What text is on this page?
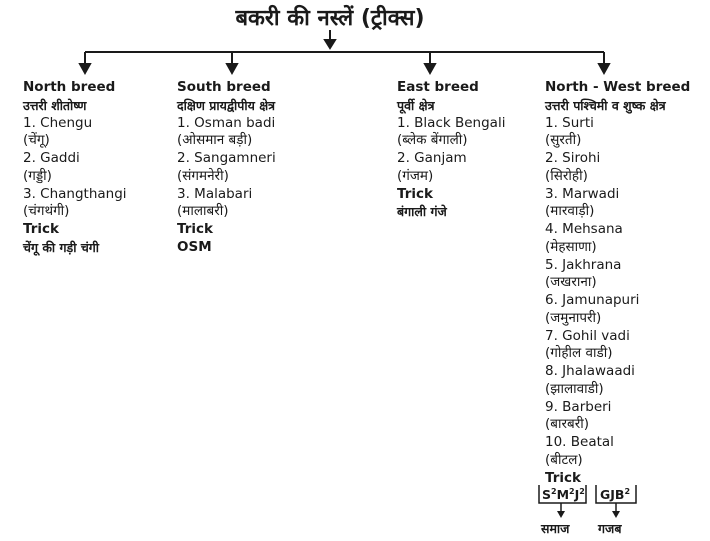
बकरी की नस्लें (ट्रीक्स)
North breed
उत्तरी शीतोष्ण
1. Chengu
(चेंगू)
2. Gaddi
(गड्डी)
3. Changthangi
(चंगथंगी)
Trick
चेंगू की गड़ी चंगी
South breed
दक्षिण प्रायद्वीपीय क्षेत्र
1. Osman badi
(ओसमान बड़ी)
2. Sangamneri
(संगमनेरी)
3. Malabari
(मालाबरी)
Trick
OSM
East breed
पूर्वी क्षेत्र
1. Black Bengali
(ब्लेक बेंगाली)
2. Ganjam
(गंजम)
Trick
बंगाली गंजे
North - West breed
उत्तरी पश्चिमी व शुष्क क्षेत्र
1. Surti
(सुरती)
2. Sirohi
(सिरोही)
3. Marwadi
(मारवाड़ी)
4. Mehsana
(मेहसाणा)
5. Jakhrana
(जखराना)
6. Jamunapuri
(जमुनापरी)
7. Gohil vadi
(गोहील वाडी)
8. Jhalawaadi
(झालावाडी)
9. Barberi
(बारबरी)
10. Beatal
(बीटल)
Trick
$S^2M^2J^2$ GJB$^2$
समाज गजब
